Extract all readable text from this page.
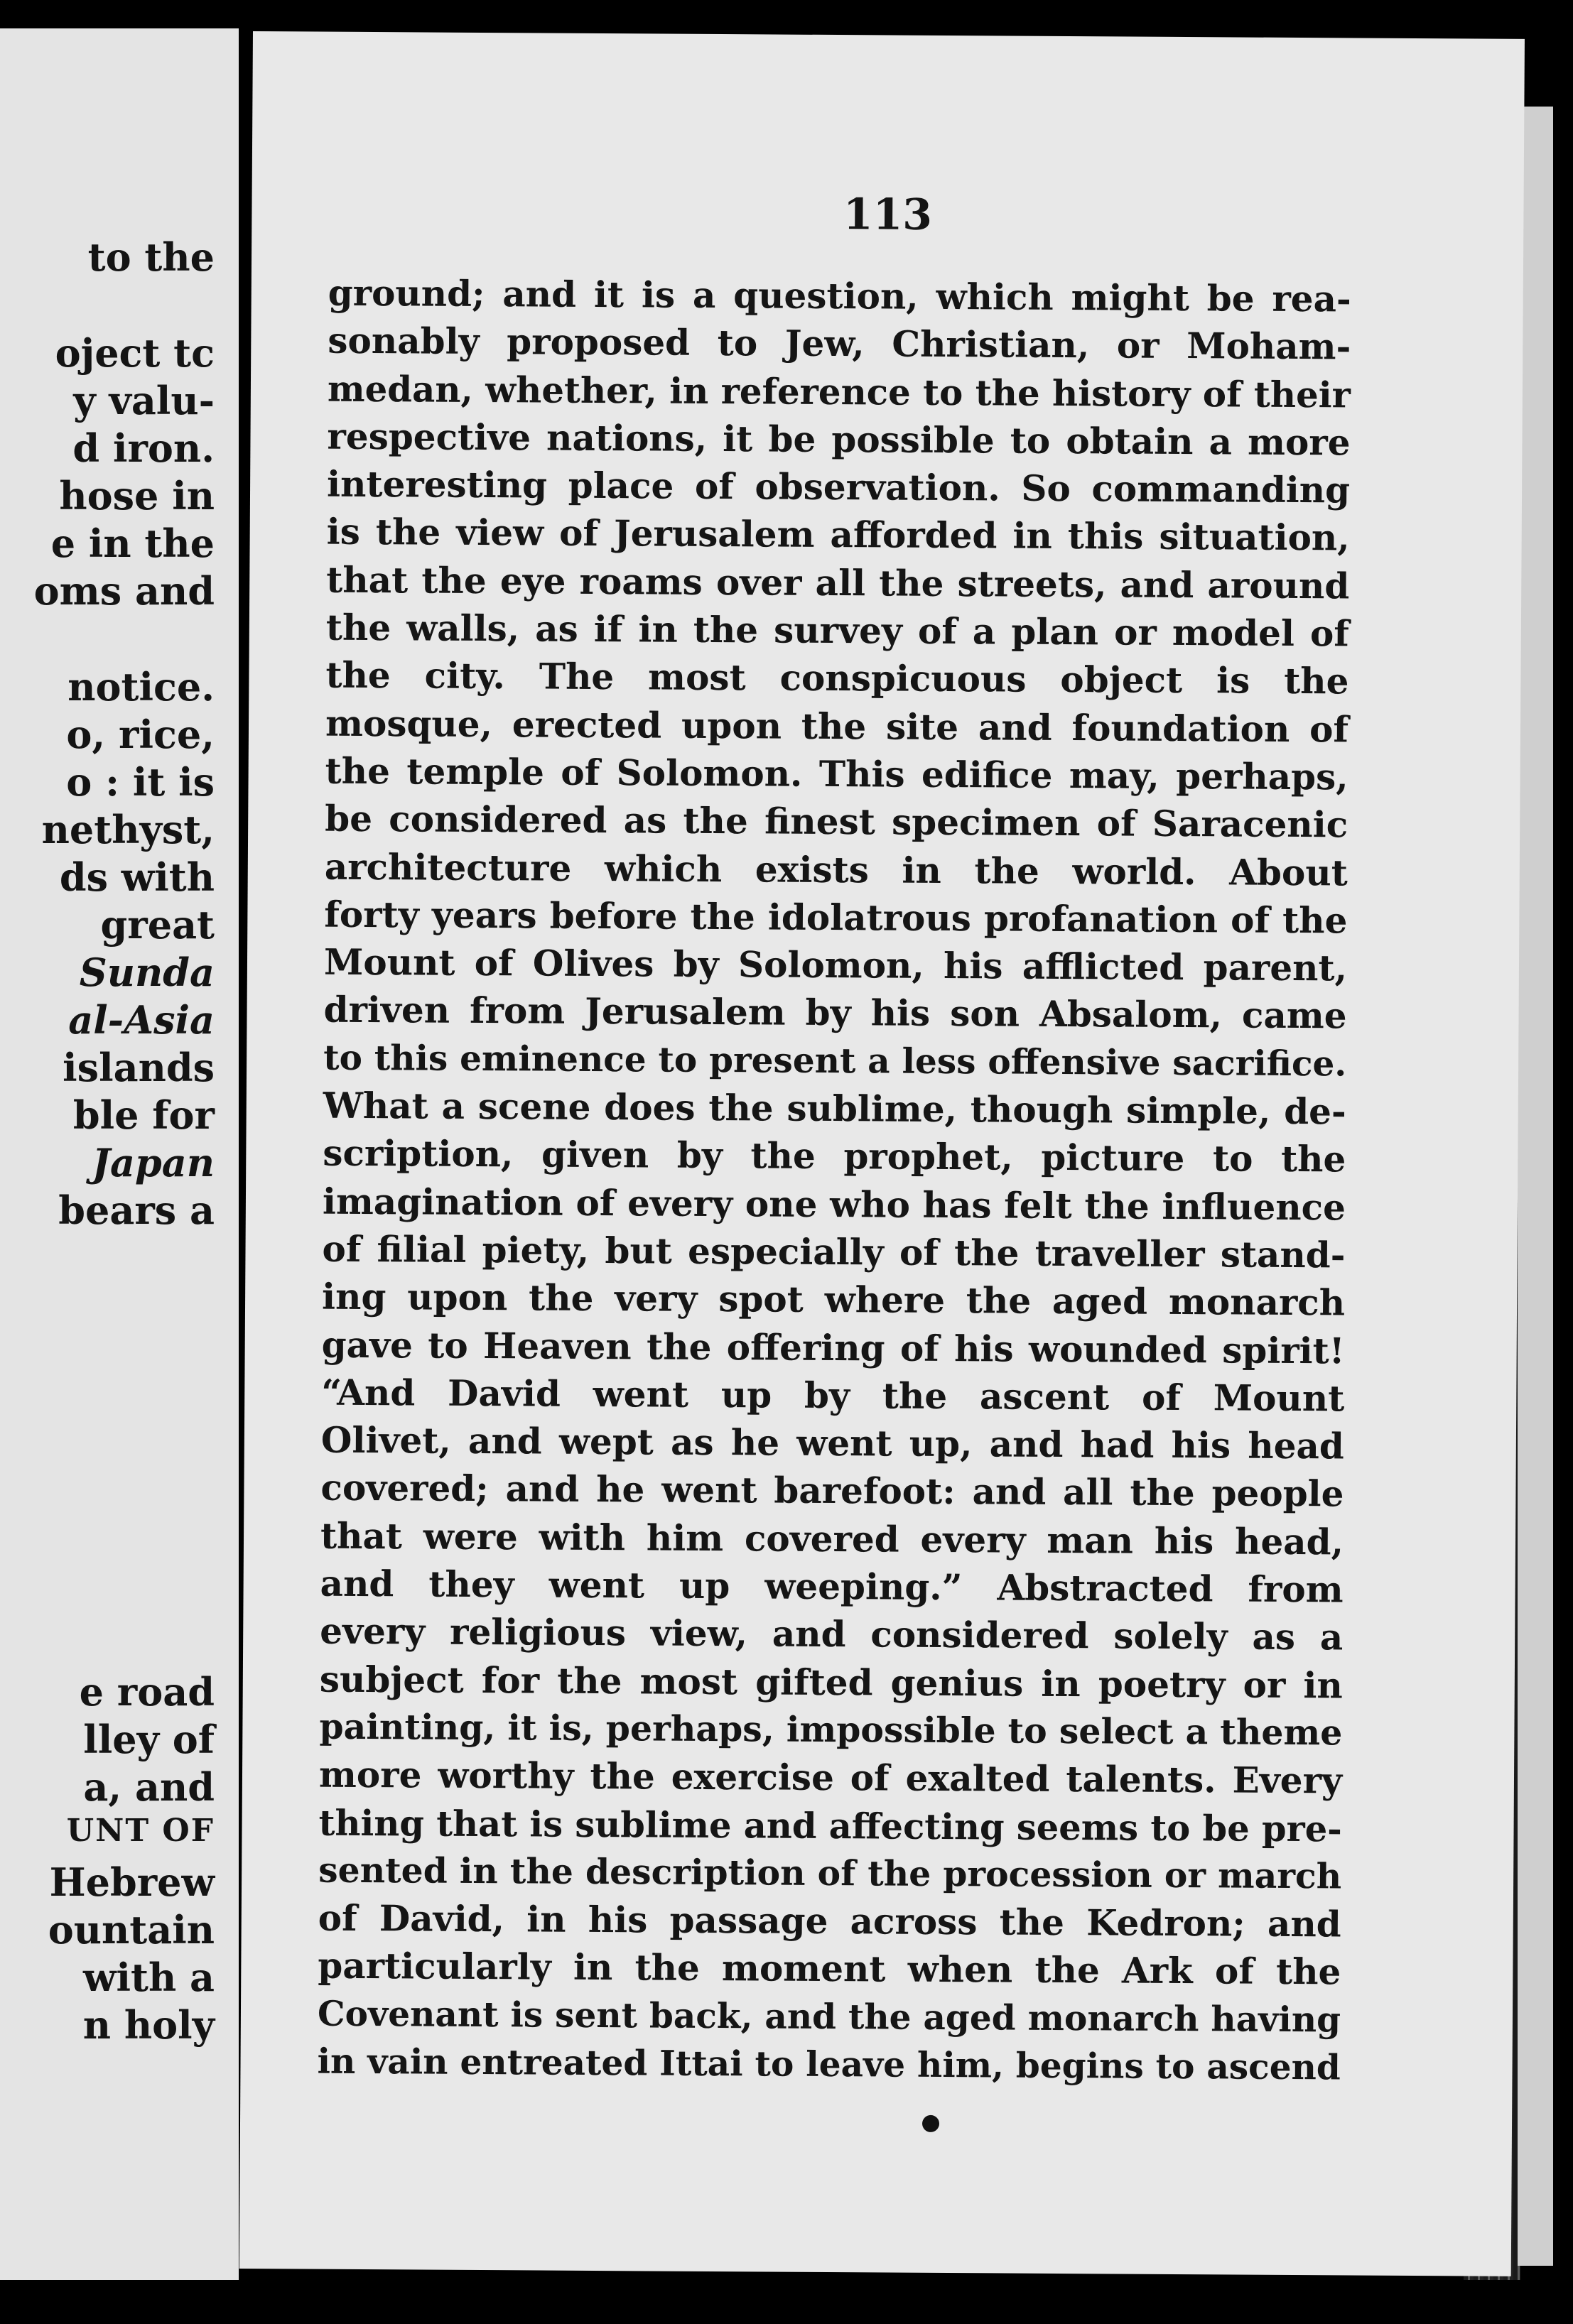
to the
oject tc
y valu-
d iron.
hose in
e in the
oms and
notice.
o, rice,
o : it is
nethyst,
ds with
great
Sunda
al-Asia
islands
ble for
Japan
bears a
e road
lley of
a, and
UNT OF
Hebrew
ountain
with a
n holy
113
ground; and it is a question, which might be rea-
sonably proposed to Jew, Christian, or Moham-
medan, whether, in reference to the history of their
respective nations, it be possible to obtain a more
interesting place of observation. So commanding
is the view of Jerusalem afforded in this situation,
that the eye roams over all the streets, and around
the walls, as if in the survey of a plan or model of
the city. The most conspicuous object is the
mosque, erected upon the site and foundation of
the temple of Solomon. This edifice may, perhaps,
be considered as the finest specimen of Saracenic
architecture which exists in the world. About
forty years before the idolatrous profanation of the
Mount of Olives by Solomon, his afflicted parent,
driven from Jerusalem by his son Absalom, came
to this eminence to present a less offensive sacrifice.
What a scene does the sublime, though simple, de-
scription, given by the prophet, picture to the
imagination of every one who has felt the influence
of filial piety, but especially of the traveller stand-
ing upon the very spot where the aged monarch
gave to Heaven the offering of his wounded spirit!
“And David went up by the ascent of Mount
Olivet, and wept as he went up, and had his head
covered; and he went barefoot: and all the people
that were with him covered every man his head,
and they went up weeping.” Abstracted from
every religious view, and considered solely as a
subject for the most gifted genius in poetry or in
painting, it is, perhaps, impossible to select a theme
more worthy the exercise of exalted talents. Every
thing that is sublime and affecting seems to be pre-
sented in the description of the procession or march
of David, in his passage across the Kedron; and
particularly in the moment when the Ark of the
Covenant is sent back, and the aged monarch having
in vain entreated Ittai to leave him, begins to ascend
